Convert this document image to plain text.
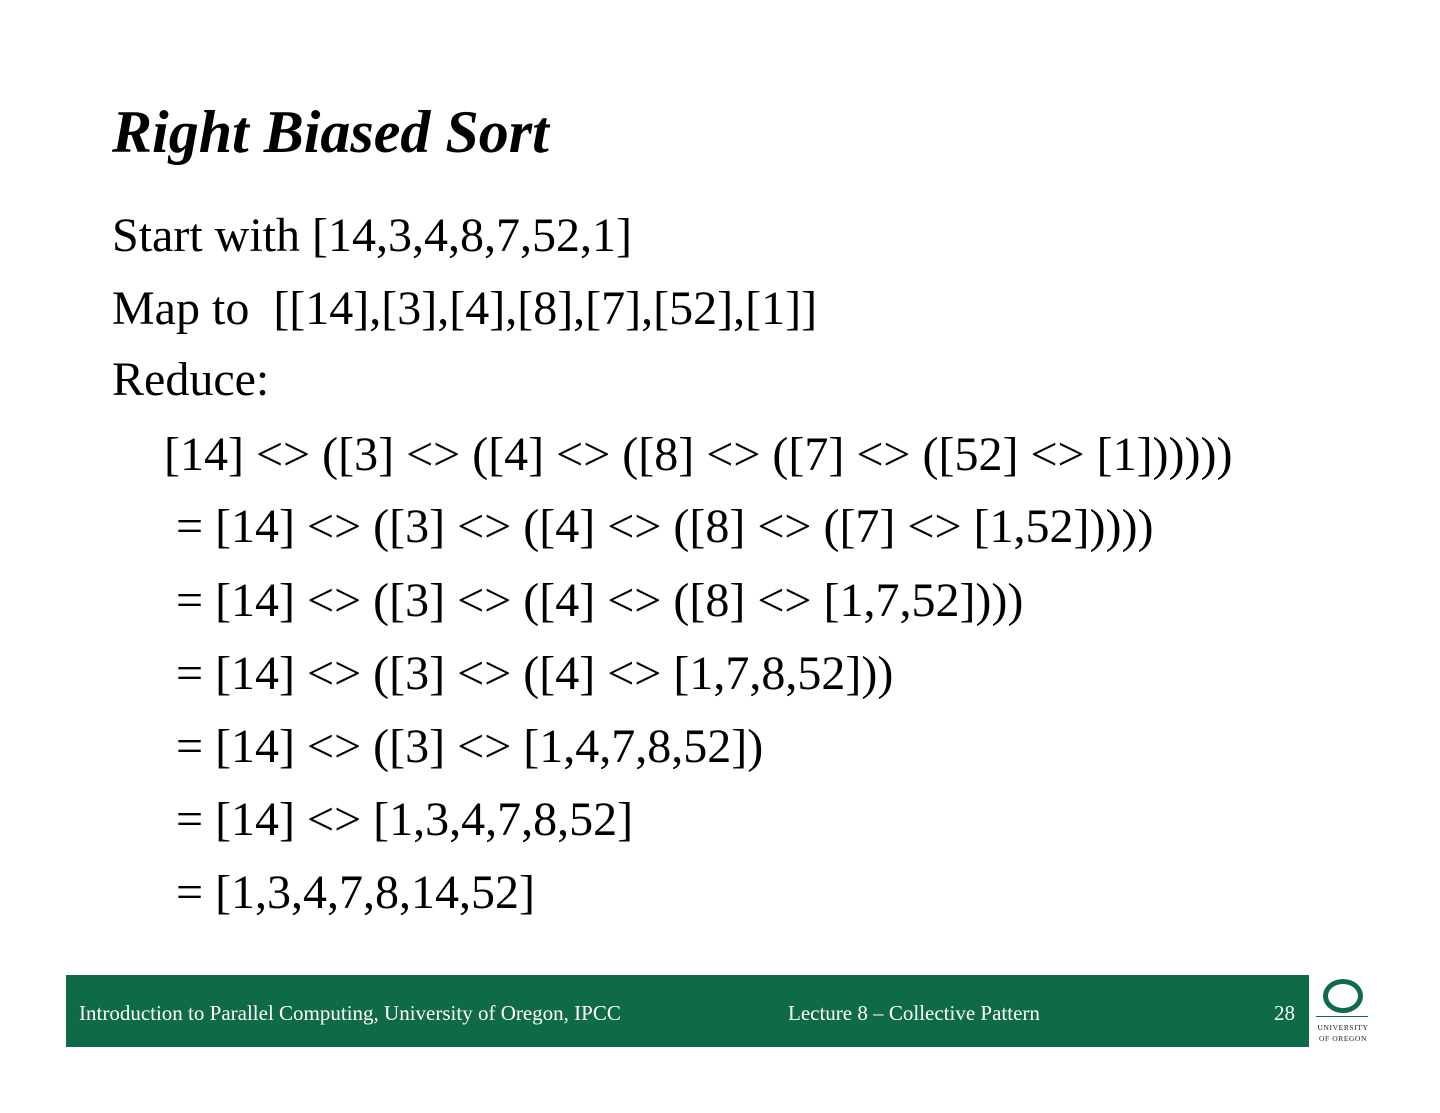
Right Biased Sort

Start with [14,3,4,8,7,52,1]

Map to  [[14],[3],[4],[8],[7],[52],[1]]

Reduce:

[14] <> ([3] <> ([4] <> ([8] <> ([7] <> ([52] <> [1])))))

= [14] <> ([3] <> ([4] <> ([8] <> ([7] <> [1,52]))))

= [14] <> ([3] <> ([4] <> ([8] <> [1,7,52])))

= [14] <> ([3] <> ([4] <> [1,7,8,52]))

= [14] <> ([3] <> [1,4,7,8,52])

= [14] <> [1,3,4,7,8,52]

= [1,3,4,7,8,14,52]

Introduction to Parallel Computing, University of Oregon, IPCC	Lecture 8 – Collective Pattern	28
UNIVERSITY
OF OREGON
